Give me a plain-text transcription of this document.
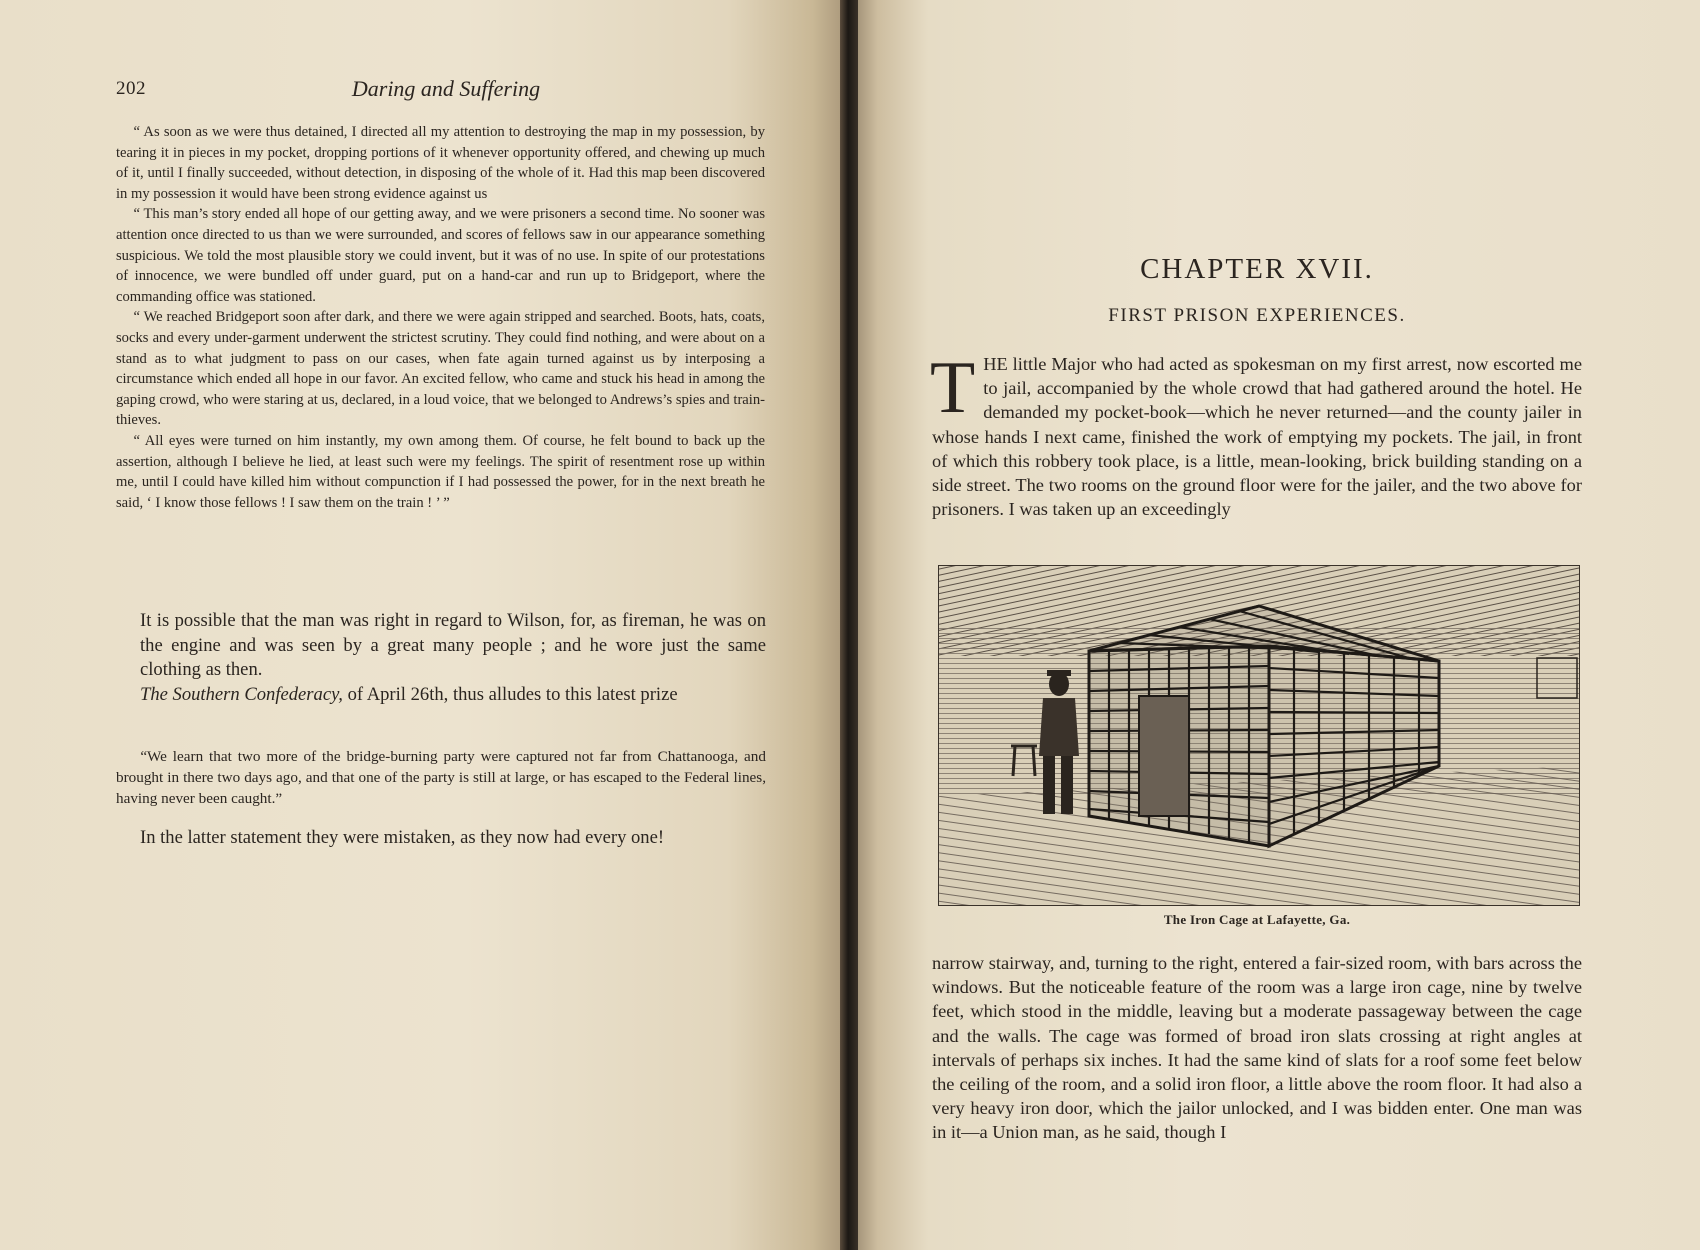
202	Daring and Suffering

“ As soon as we were thus detained, I directed all my attention to destroying the map in my possession, by tearing it in pieces in my pocket, dropping portions of it whenever opportunity offered, and chewing up much of it, until I finally succeeded, without detection, in disposing of the whole of it. Had this map been discovered in my possession it would have been strong evidence against us

“ This man’s story ended all hope of our getting away, and we were prisoners a second time. No sooner was attention once directed to us than we were surrounded, and scores of fellows saw in our appearance something suspicious. We told the most plausible story we could invent, but it was of no use. In spite of our protestations of innocence, we were bundled off under guard, put on a hand-car and run up to Bridgeport, where the commanding office was stationed.

“ We reached Bridgeport soon after dark, and there we were again stripped and searched. Boots, hats, coats, socks and every under-garment underwent the strictest scrutiny. They could find nothing, and were about on a stand as to what judgment to pass on our cases, when fate again turned against us by interposing a circumstance which ended all hope in our favor. An excited fellow, who came and stuck his head in among the gaping crowd, who were staring at us, declared, in a loud voice, that we belonged to Andrews’s spies and train-thieves.

“ All eyes were turned on him instantly, my own among them. Of course, he felt bound to back up the assertion, although I believe he lied, at least such were my feelings. The spirit of resentment rose up within me, until I could have killed him without compunction if I had possessed the power, for in the next breath he said, ‘ I know those fellows ! I saw them on the train ! ’ ”

It is possible that the man was right in regard to Wilson, for, as fireman, he was on the engine and was seen by a great many people ; and he wore just the same clothing as then.

The Southern Confederacy, of April 26th, thus alludes to this latest prize

“We learn that two more of the bridge-burning party were captured not far from Chattanooga, and brought in there two days ago, and that one of the party is still at large, or has escaped to the Federal lines, having never been caught.”

In the latter statement they were mistaken, as they now had every one!
CHAPTER XVII.
FIRST PRISON EXPERIENCES.

THE little Major who had acted as spokesman on my first arrest, now escorted me to jail, accompanied by the whole crowd that had gathered around the hotel. He demanded my pocket-book—which he never returned—and the county jailer in whose hands I next came, finished the work of emptying my pockets. The jail, in front of which this robbery took place, is a little, mean-looking, brick building standing on a side street. The two rooms on the ground floor were for the jailer, and the two above for prisoners. I was taken up an exceedingly

The Iron Cage at Lafayette, Ga.

narrow stairway, and, turning to the right, entered a fair-sized room, with bars across the windows. But the noticeable feature of the room was a large iron cage, nine by twelve feet, which stood in the middle, leaving but a moderate passageway between the cage and the walls. The cage was formed of broad iron slats crossing at right angles at intervals of perhaps six inches. It had the same kind of slats for a roof some feet below the ceiling of the room, and a solid iron floor, a little above the room floor. It had also a very heavy iron door, which the jailor unlocked, and I was bidden enter. One man was in it—a Union man, as he said, though I
